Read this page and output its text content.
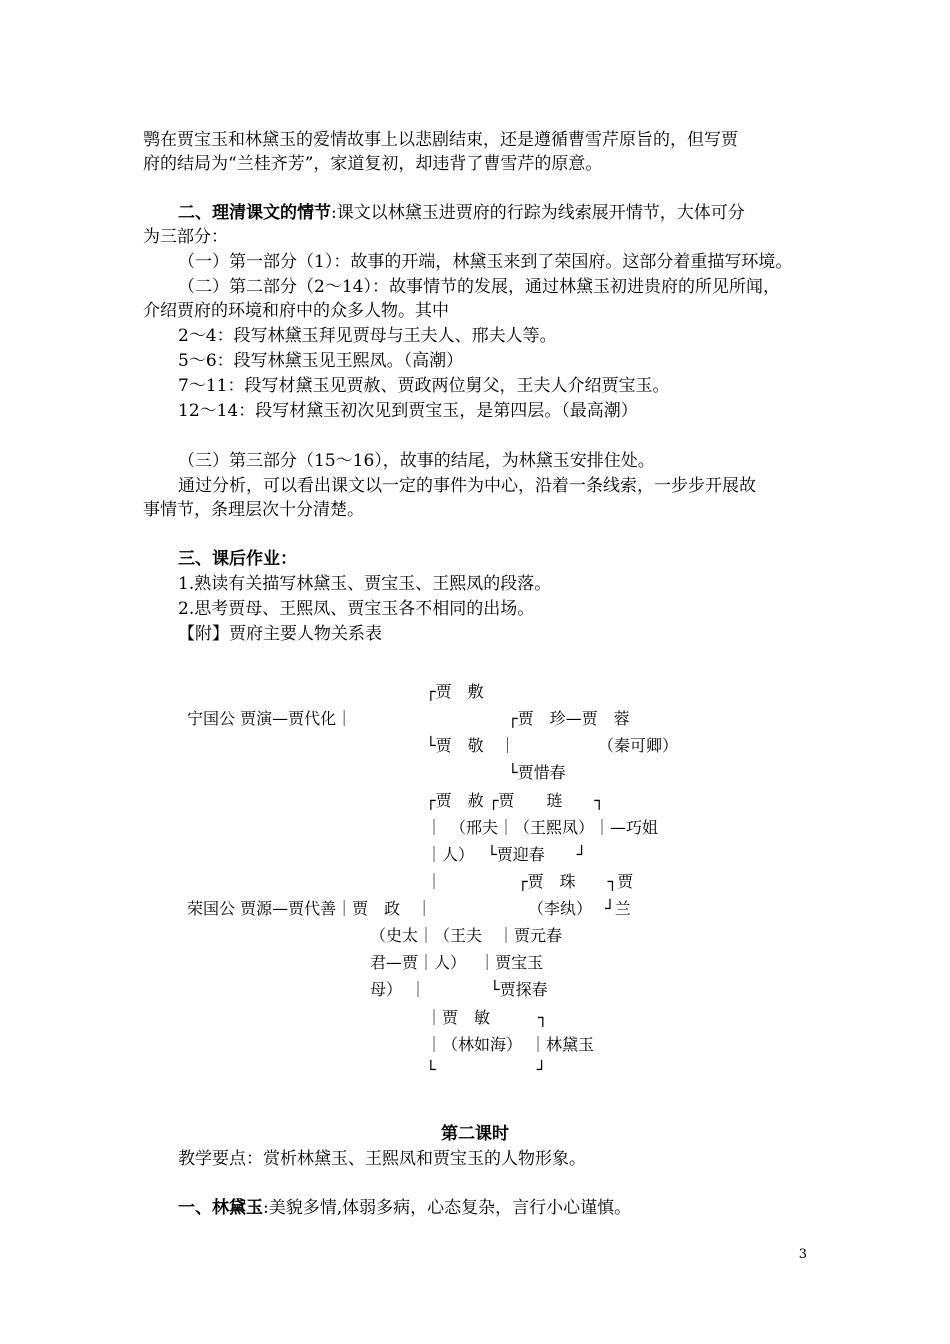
鹗在贾宝玉和林黛玉的爱情故事上以悲剧结束，还是遵循曹雪芹原旨的，但写贾
府的结局为“兰桂齐芳”，家道复初，却违背了曹雪芹的原意。
二、理清课文的情节:课文以林黛玉进贾府的行踪为线索展开情节，大体可分
为三部分：
（一）第一部分（1）：故事的开端，林黛玉来到了荣国府。这部分着重描写环境。
（二）第二部分（2～14）：故事情节的发展，通过林黛玉初进贵府的所见所闻，
介绍贾府的环境和府中的众多人物。其中
2～4：段写林黛玉拜见贾母与王夫人、邢夫人等。
5～6：段写林黛玉见王熙凤。（高潮）
7～11：段写材黛玉见贾赦、贾政两位舅父，王夫人介绍贾宝玉。
12～14：段写材黛玉初次见到贾宝玉，是第四层。（最高潮）
（三）第三部分（15～16），故事的结尾，为林黛玉安排住处。
通过分析，可以看出课文以一定的事件为中心，沿着一条线索，一步步开展故
事情节，条理层次十分清楚。
三、课后作业：
1.熟读有关描写林黛玉、贾宝玉、王熙凤的段落。
2.思考贾母、王熙凤、贾宝玉各不相同的出场。
【附】贾府主要人物关系表
┌贾　敷
宁国公 贾演—贾代化｜	┌贾　珍—贾　蓉
└贾　敬　｜	（秦可卿）
└贾惜春
┌贾　赦 ┌贾　　琏　　┐
｜　（邢夫｜（王熙凤）｜—巧姐
｜人）　 └贾迎春　　┘
｜	┌贾　珠　　┐贾
荣国公 贾源—贾代善｜贾　政　｜	（李纨）　 ┘兰
（史太｜（王夫　｜贾元春
君—贾｜人）　 ｜贾宝玉
母）　｜　　　　└贾探春
｜贾　敏　　　┐
｜（林如海）　｜林黛玉
└　　　　　　 ┘
第二课时
教学要点：赏析林黛玉、王熙凤和贾宝玉的人物形象。
一、林黛玉:美貌多情,体弱多病，心态复杂，言行小心谨慎。
3
